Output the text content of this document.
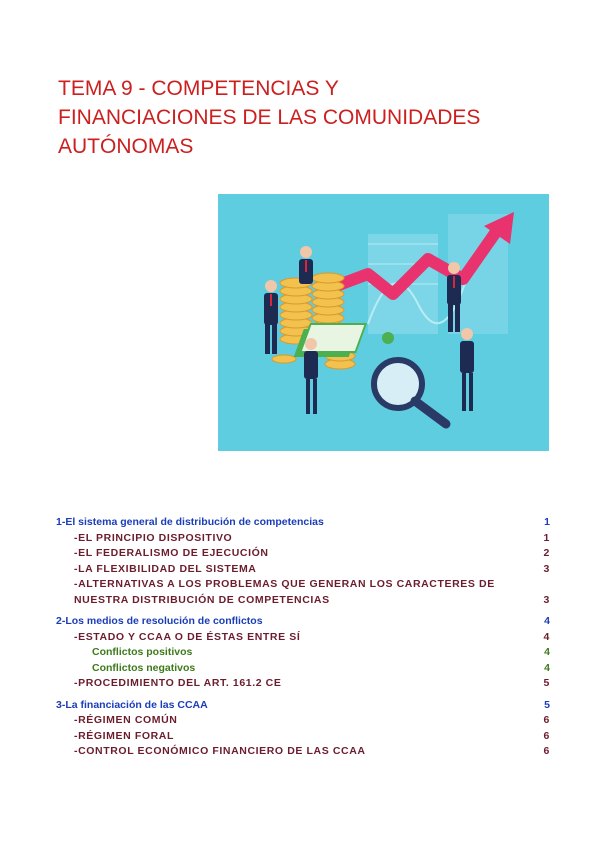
TEMA 9 - COMPETENCIAS Y
FINANCIACIONES DE LAS COMUNIDADES
AUTÓNOMAS
1-El sistema general de distribución de competencias	1
-EL PRINCIPIO DISPOSITIVO	1
-EL FEDERALISMO DE EJECUCIÓN	2
-LA FLEXIBILIDAD DEL SISTEMA	3
-ALTERNATIVAS A LOS PROBLEMAS QUE GENERAN LOS CARACTERES DE NUESTRA DISTRIBUCIÓN DE COMPETENCIAS	3
2-Los medios de resolución de conflictos	4
-ESTADO Y CCAA O DE ÉSTAS ENTRE SÍ	4
Conflictos positivos	4
Conflictos negativos	4
-PROCEDIMIENTO DEL ART. 161.2 CE	5
3-La financiación de las CCAA	5
-RÉGIMEN COMÚN	6
-RÉGIMEN FORAL	6
-CONTROL ECONÓMICO FINANCIERO DE LAS CCAA	6
